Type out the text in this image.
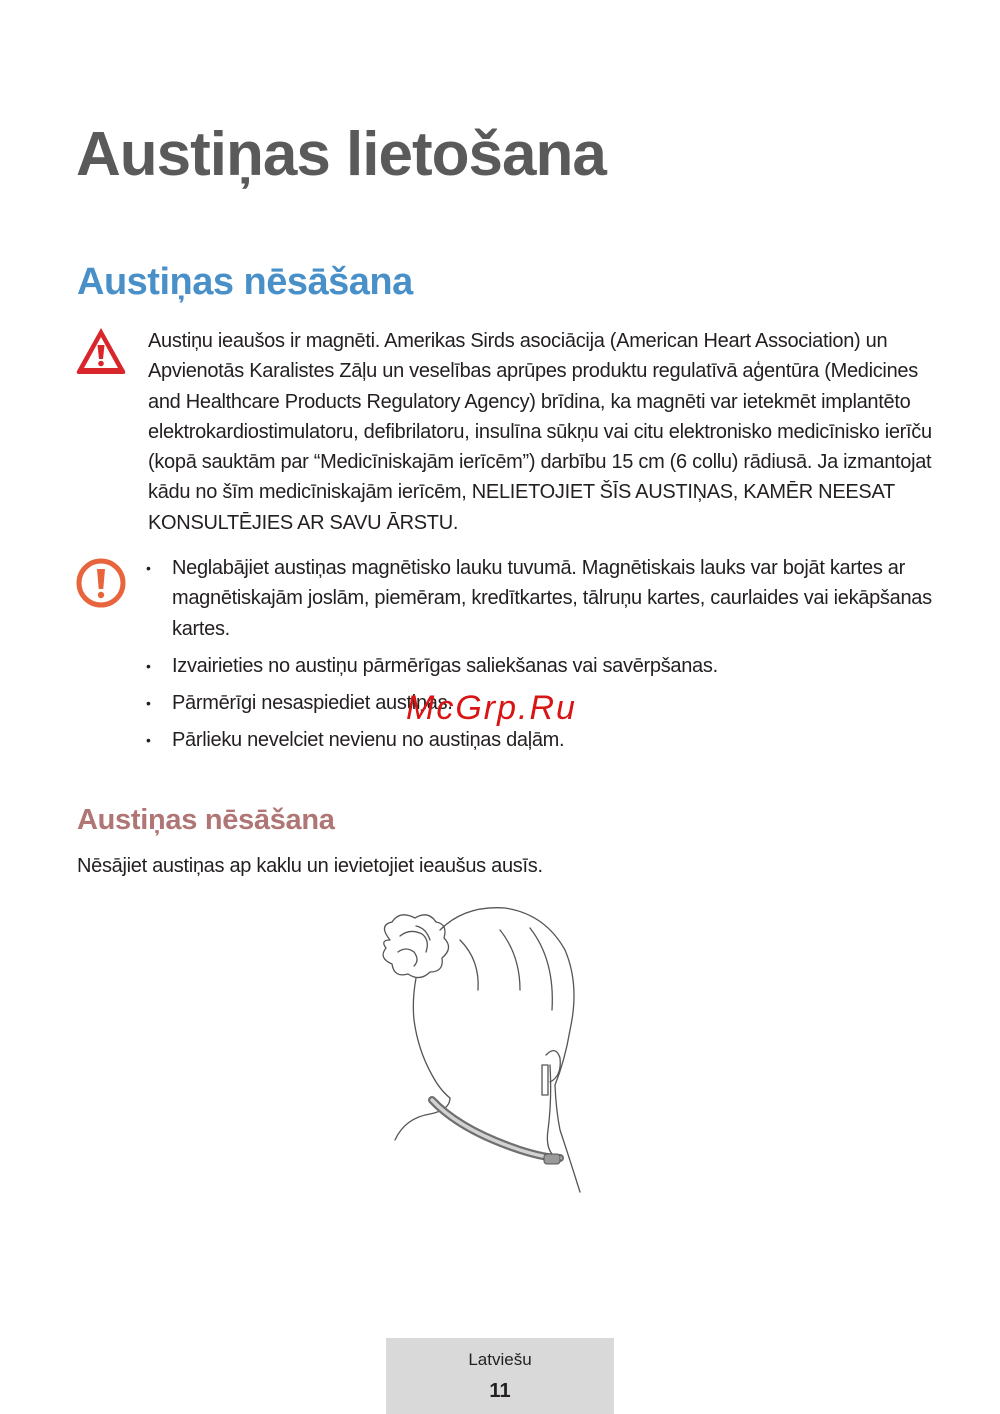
Austiņas lietošana
Austiņas nēsāšana

Austiņu ieaušos ir magnēti. Amerikas Sirds asociācija (American Heart Association) un Apvienotās Karalistes Zāļu un veselības aprūpes produktu regulatīvā aģentūra (Medicines and Healthcare Products Regulatory Agency) brīdina, ka magnēti var ietekmēt implantēto elektrokardiostimulatoru, defibrilatoru, insulīna sūkņu vai citu elektronisko medicīnisko ierīču (kopā sauktām par “Medicīniskajām ierīcēm”) darbību 15 cm (6 collu) rādiusā. Ja izmantojat kādu no šīm medicīniskajām ierīcēm, NELIETOJIET ŠĪS AUSTIŅAS, KAMĒR NEESAT KONSULTĒJIES AR SAVU ĀRSTU.

• Neglabājiet austiņas magnētisko lauku tuvumā. Magnētiskais lauks var bojāt kartes ar magnētiskajām joslām, piemēram, kredītkartes, tālruņu kartes, caurlaides vai iekāpšanas kartes.
• Izvairieties no austiņu pārmērīgas saliekšanas vai savērpšanas.
• Pārmērīgi nesaspiediet austiņas.
• Pārlieku nevelciet nevienu no austiņas daļām.

McGrp.Ru

Austiņas nēsāšana

Nēsājiet austiņas ap kaklu un ievietojiet ieaušus ausīs.

Latviešu
11
